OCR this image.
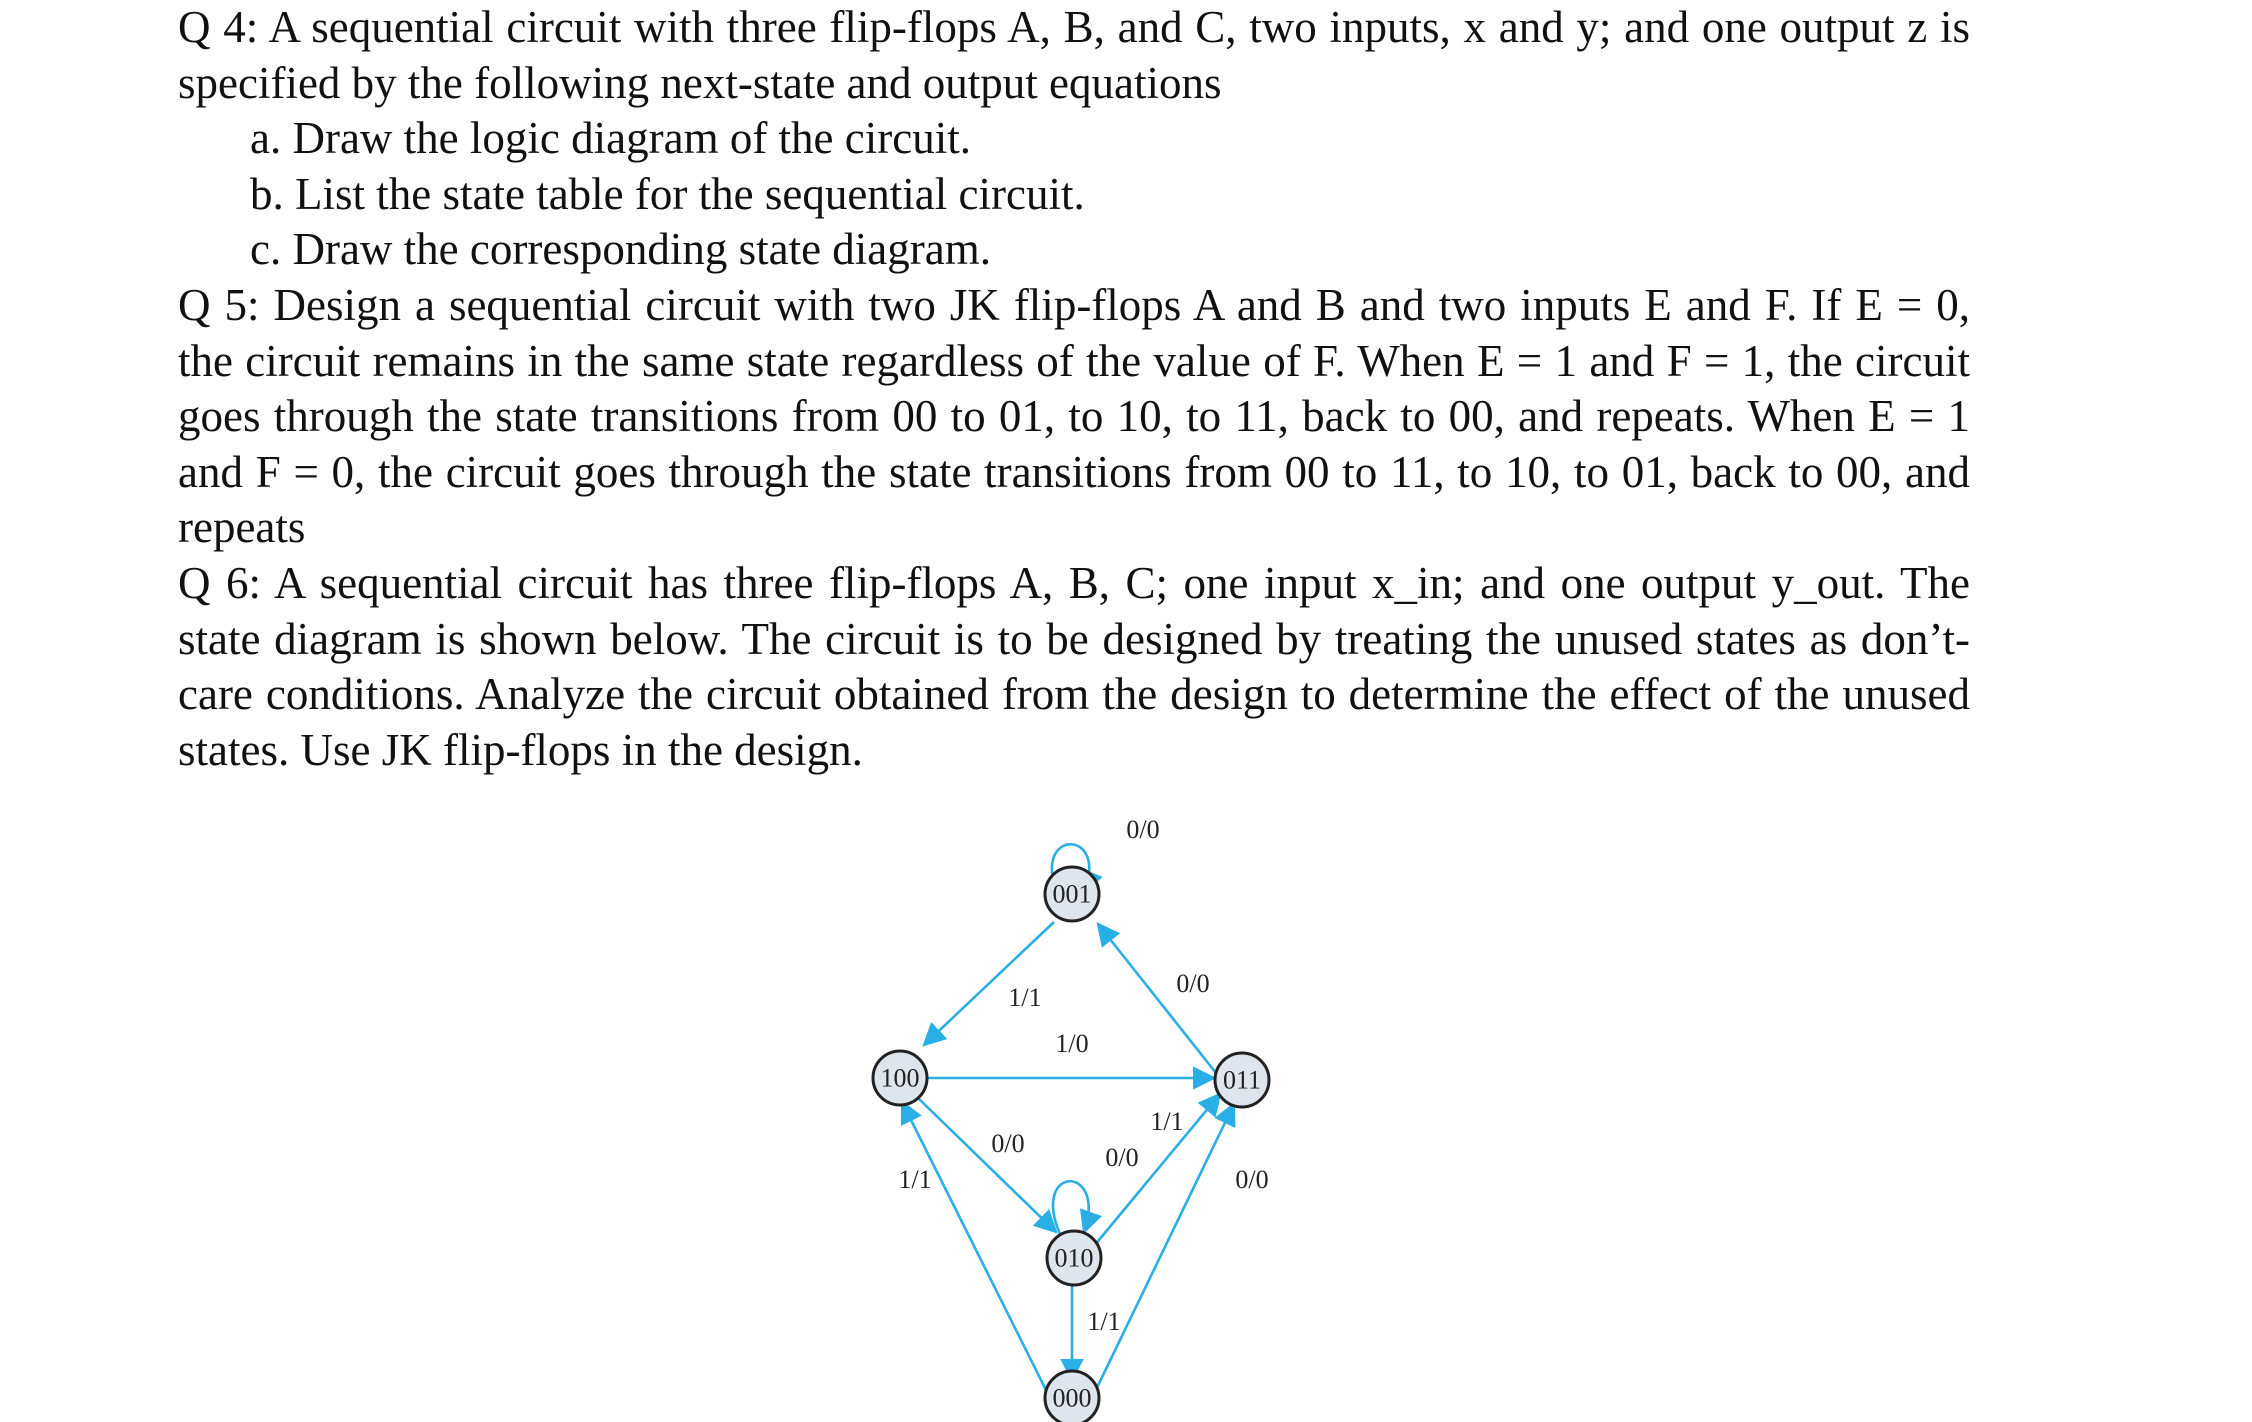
Q 4: A sequential circuit with three flip-flops A, B, and C, two inputs, x and y; and one output z is specified by the following next-state and output equations

a. Draw the logic diagram of the circuit.

b. List the state table for the sequential circuit.

c. Draw the corresponding state diagram.

Q 5: Design a sequential circuit with two JK flip-flops A and B and two inputs E and F. If E = 0, the circuit remains in the same state regardless of the value of F. When E = 1 and F = 1, the circuit goes through the state transitions from 00 to 01, to 10, to 11, back to 00, and repeats. When E = 1 and F = 0, the circuit goes through the state transitions from 00 to 11, to 10, to 01, back to 00, and repeats

Q 6: A sequential circuit has three flip-flops A, B, C; one input x_in; and one output y_out. The state diagram is shown below. The circuit is to be designed by treating the unused states as don’t-care conditions. Analyze the circuit obtained from the design to determine the effect of the unused states. Use JK flip-flops in the design.

001
100	011
010
000
0/0
1/1	0/0
1/0
0/0
1/1
0/0
1/1
0/0
1/1
